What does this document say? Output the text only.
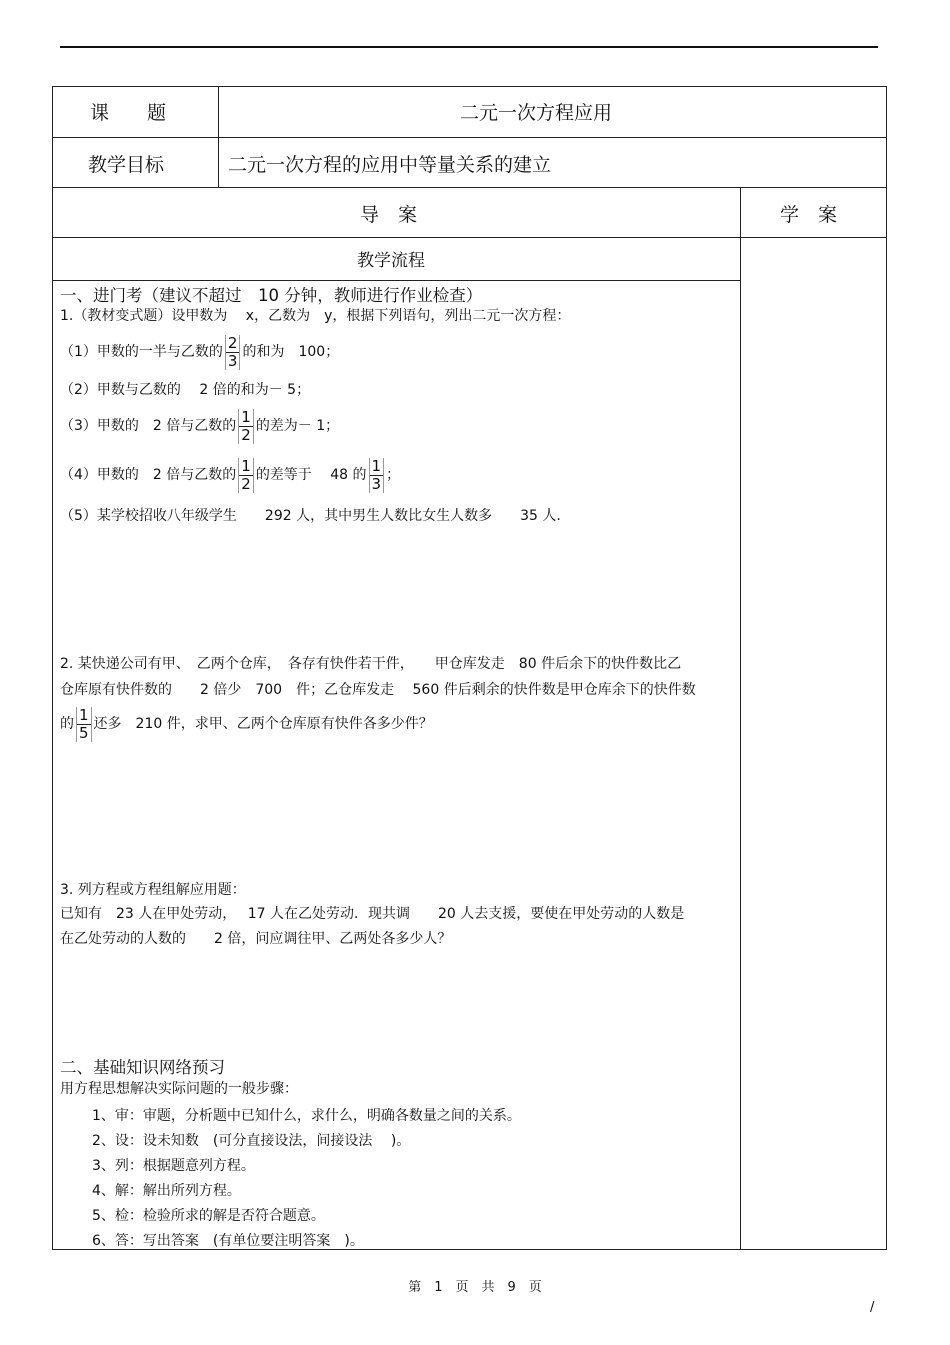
课　　题	二元一次方程应用
教学目标	二元一次方程的应用中等量关系的建立
导　案	学　案
教学流程
一、进门考（建议不超过　10 分钟，教师进行作业检查）
1.（教材变式题）设甲数为　 x，乙数为　y，根据下列语句，列出二元一次方程：
（1）甲数的一半与乙数的 $\frac{2}{3}$ 的和为　100；
（2）甲数与乙数的　 2 倍的和为－ 5；
（3）甲数的　2 倍与乙数的 $\frac{1}{2}$ 的差为－ 1；
（4）甲数的　2 倍与乙数的 $\frac{1}{2}$ 的差等于　 48 的 $\frac{1}{3}$ ；
（5）某学校招收八年级学生　　292 人，其中男生人数比女生人数多　　35 人.
2. 某快递公司有甲、　乙两个仓库，　各存有快件若干件，　　甲仓库发走　80 件后余下的快件数比乙
仓库原有快件数的　　2 倍少　700　件；乙仓库发走　 560 件后剩余的快件数是甲仓库余下的快件数
的 $\frac{1}{5}$ 还多　210 件，求甲、乙两个仓库原有快件各多少件？
3. 列方程或方程组解应用题：
已知有　23 人在甲处劳动，　 17 人在乙处劳动．现共调　　20 人去支援，要使在甲处劳动的人数是
在乙处劳动的人数的　　2 倍，问应调往甲、乙两处各多少人？
二、基础知识网络预习
用方程思想解决实际问题的一般步骤：
1、审：审题，分析题中已知什么，求什么，明确各数量之间的关系。
2、设：设未知数　(可分直接设法，间接设法　 )。
3、列：根据题意列方程。
4、解：解出所列方程。
5、检：检验所求的解是否符合题意。
6、答：写出答案　(有单位要注明答案　)。
第　1　页　共　9　页
/
